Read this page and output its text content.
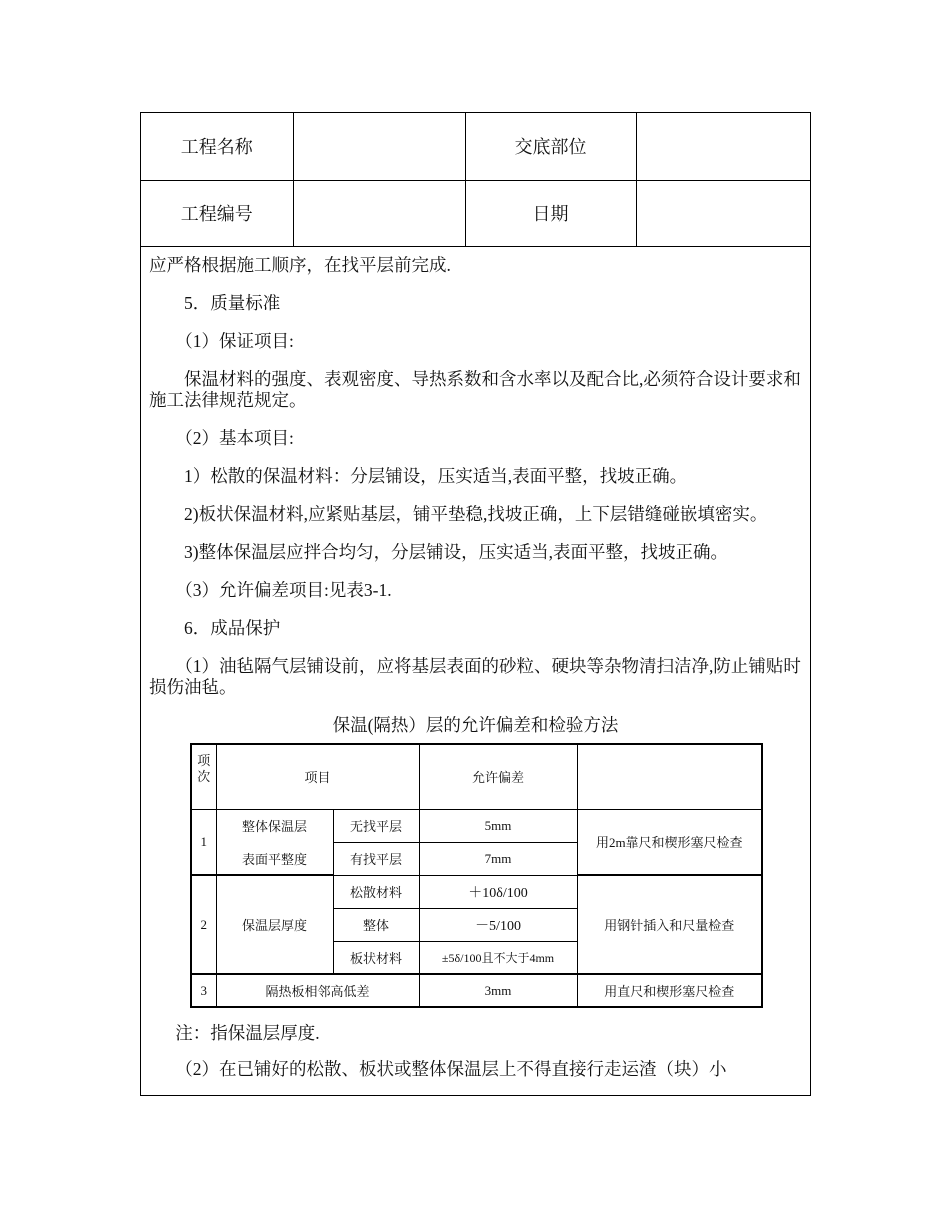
工程名称		交底部位	
工程编号		日期	

应严格根据施工顺序，在找平层前完成.

5．质量标准

（1）保证项目:

保温材料的强度、表观密度、导热系数和含水率以及配合比,必须符合设计要求和施工法律规范规定。

（2）基本项目:

1）松散的保温材料：分层铺设，压实适当,表面平整，找坡正确。

2)板状保温材料,应紧贴基层，铺平垫稳,找坡正确，上下层错缝碰嵌填密实。

3)整体保温层应拌合均匀，分层铺设，压实适当,表面平整，找坡正确。

（3）允许偏差项目:见表3-1.

6．成品保护

（1）油毡隔气层铺设前，应将基层表面的砂粒、硬块等杂物清扫洁净,防止铺贴时损伤油毡。

保温(隔热）层的允许偏差和检验方法

项次	项目		允许偏差	
1	整体保温层	无找平层	5mm	用2m靠尺和楔形塞尺检查
	表面平整度	有找平层	7mm	
2	保温层厚度	松散材料	＋10δ/100	用钢针插入和尺量检查
		整体	－5/100	
		板状材料	±5δ/100且不大于4mm	
3	隔热板相邻高低差		3mm	用直尺和楔形塞尺检查

注：指保温层厚度.

（2）在已铺好的松散、板状或整体保温层上不得直接行走运渣（块）小
